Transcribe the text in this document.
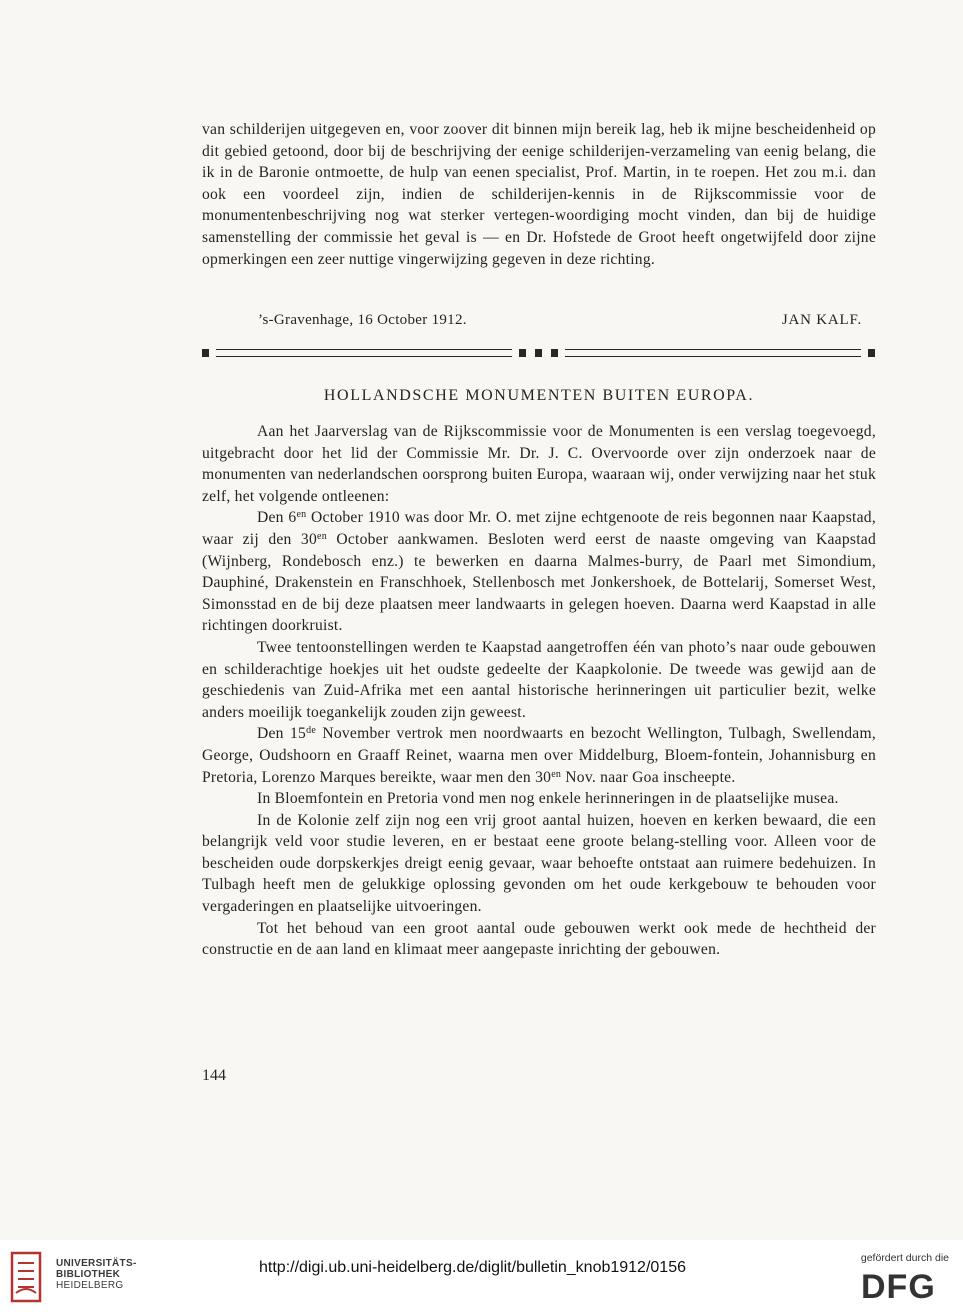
van schilderijen uitgegeven en, voor zoover dit binnen mijn bereik lag, heb ik mijne bescheidenheid op dit gebied getoond, door bij de beschrijving der eenige schilderijen-verzameling van eenig belang, die ik in de Baronie ontmoette, de hulp van eenen specialist, Prof. Martin, in te roepen. Het zou m.i. dan ook een voordeel zijn, indien de schilderijen-kennis in de Rijkscommissie voor de monumentenbeschrijving nog wat sterker vertegen-woordiging mocht vinden, dan bij de huidige samenstelling der commissie het geval is — en Dr. Hofstede de Groot heeft ongetwijfeld door zijne opmerkingen een zeer nuttige vingerwijzing gegeven in deze richting.

’s-Gravenhage, 16 October 1912.	JAN KALF.
HOLLANDSCHE MONUMENTEN BUITEN EUROPA.

Aan het Jaarverslag van de Rijkscommissie voor de Monumenten is een verslag toegevoegd, uitgebracht door het lid der Commissie Mr. Dr. J. C. Overvoorde over zijn onderzoek naar de monumenten van nederlandschen oorsprong buiten Europa, waaraan wij, onder verwijzing naar het stuk zelf, het volgende ontleenen:

Den $6^{en}$ October 1910 was door Mr. O. met zijne echtgenoote de reis begonnen naar Kaapstad, waar zij den $30^{en}$ October aankwamen. Besloten werd eerst de naaste omgeving van Kaapstad (Wijnberg, Rondebosch enz.) te bewerken en daarna Malmes-burry, de Paarl met Simondium, Dauphiné, Drakenstein en Franschhoek, Stellenbosch met Jonkershoek, de Bottelarij, Somerset West, Simonsstad en de bij deze plaatsen meer landwaarts in gelegen hoeven. Daarna werd Kaapstad in alle richtingen doorkruist.

Twee tentoonstellingen werden te Kaapstad aangetroffen één van photo’s naar oude gebouwen en schilderachtige hoekjes uit het oudste gedeelte der Kaapkolonie. De tweede was gewijd aan de geschiedenis van Zuid-Afrika met een aantal historische herinneringen uit particulier bezit, welke anders moeilijk toegankelijk zouden zijn geweest.

Den 15de November vertrok men noordwaarts en bezocht Wellington, Tulbagh, Swellendam, George, Oudshoorn en Graaff Reinet, waarna men over Middelburg, Bloem-fontein, Johannisburg en Pretoria, Lorenzo Marques bereikte, waar men den $30^{en}$ Nov. naar Goa inscheepte.

In Bloemfontein en Pretoria vond men nog enkele herinneringen in de plaatselijke musea.

In de Kolonie zelf zijn nog een vrij groot aantal huizen, hoeven en kerken bewaard, die een belangrijk veld voor studie leveren, en er bestaat eene groote belang-stelling voor. Alleen voor de bescheiden oude dorpskerkjes dreigt eenig gevaar, waar behoefte ontstaat aan ruimere bedehuizen. In Tulbagh heeft men de gelukkige oplossing gevonden om het oude kerkgebouw te behouden voor vergaderingen en plaatselijke uitvoeringen.

Tot het behoud van een groot aantal oude gebouwen werkt ook mede de hechtheid der constructie en de aan land en klimaat meer aangepaste inrichting der gebouwen.

144
UNIVERSITÄTS-
BIBLIOTHEK
HEIDELBERG
http://digi.ub.uni-heidelberg.de/diglit/bulletin_knob1912/0156
gefördert durch die
DFG
